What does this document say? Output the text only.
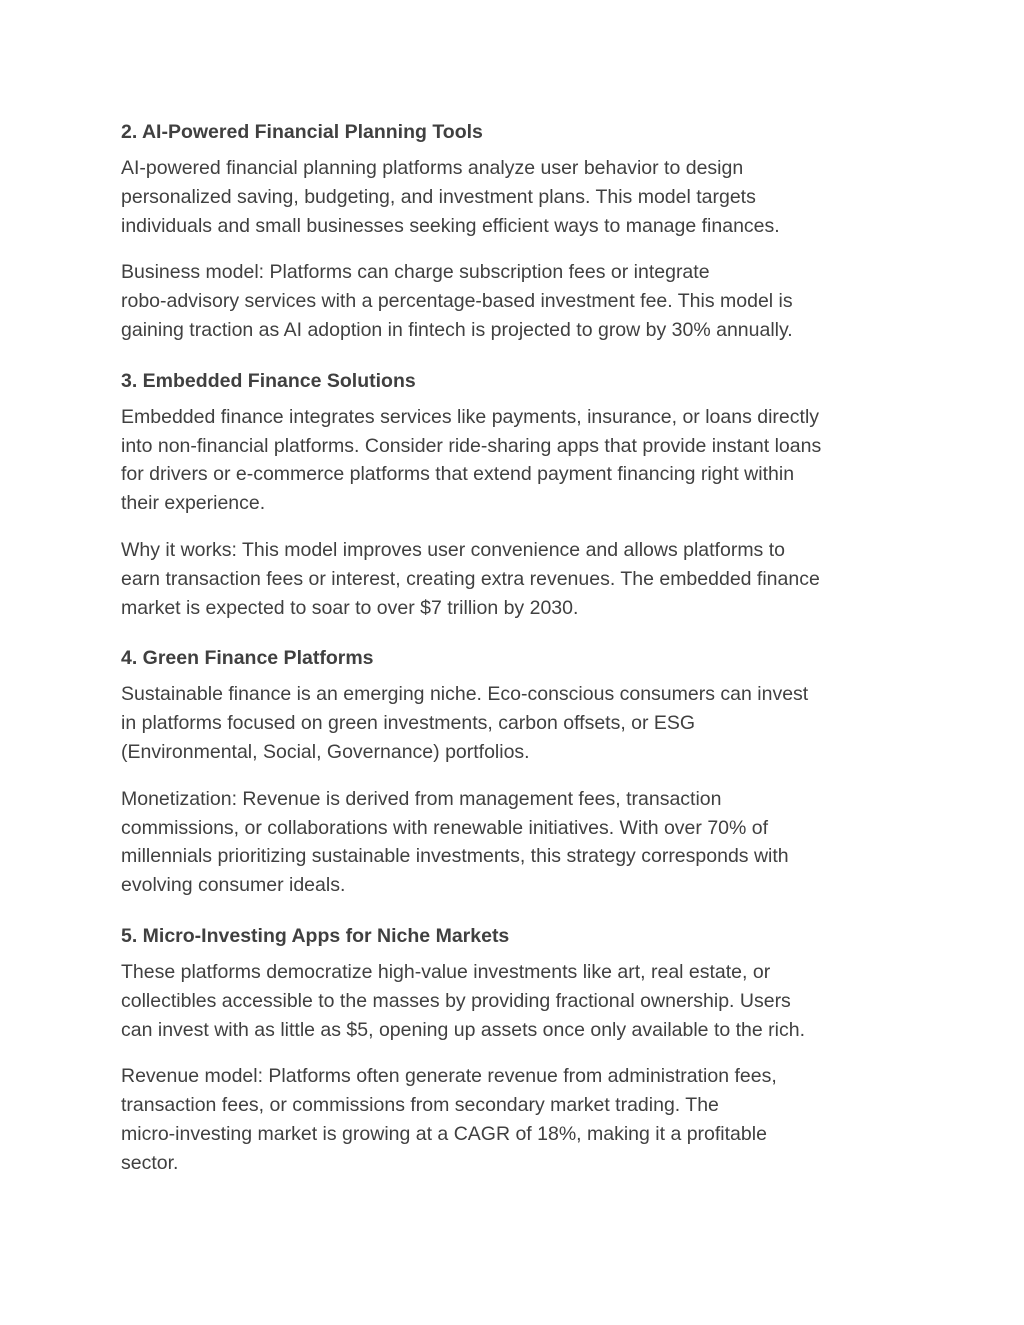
2. AI-Powered Financial Planning Tools
AI-powered financial planning platforms analyze user behavior to design
personalized saving, budgeting, and investment plans. This model targets
individuals and small businesses seeking efficient ways to manage finances.
Business model: Platforms can charge subscription fees or integrate
robo-advisory services with a percentage-based investment fee. This model is
gaining traction as AI adoption in fintech is projected to grow by 30% annually.
3. Embedded Finance Solutions
Embedded finance integrates services like payments, insurance, or loans directly
into non-financial platforms. Consider ride-sharing apps that provide instant loans
for drivers or e-commerce platforms that extend payment financing right within
their experience.
Why it works: This model improves user convenience and allows platforms to
earn transaction fees or interest, creating extra revenues. The embedded finance
market is expected to soar to over $7 trillion by 2030.
4. Green Finance Platforms
Sustainable finance is an emerging niche. Eco-conscious consumers can invest
in platforms focused on green investments, carbon offsets, or ESG
(Environmental, Social, Governance) portfolios.
Monetization: Revenue is derived from management fees, transaction
commissions, or collaborations with renewable initiatives. With over 70% of
millennials prioritizing sustainable investments, this strategy corresponds with
evolving consumer ideals.
5. Micro-Investing Apps for Niche Markets
These platforms democratize high-value investments like art, real estate, or
collectibles accessible to the masses by providing fractional ownership. Users
can invest with as little as $5, opening up assets once only available to the rich.
Revenue model: Platforms often generate revenue from administration fees,
transaction fees, or commissions from secondary market trading. The
micro-investing market is growing at a CAGR of 18%, making it a profitable
sector.
